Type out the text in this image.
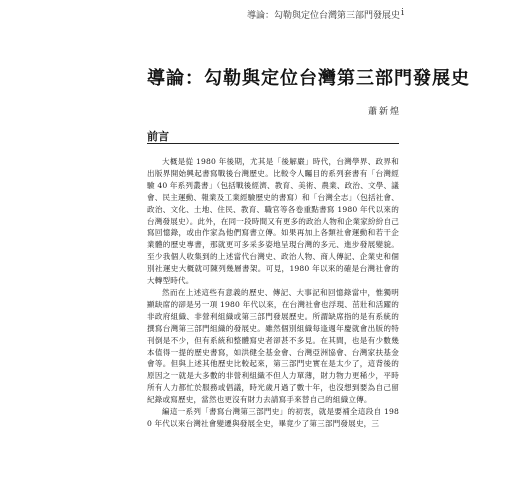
導論：勾勒與定位台灣第三部門發展史 i
導論：勾勒與定位台灣第三部門發展史
蕭新煌
前言

大概是從 1980 年後期，尤其是「後解嚴」時代，台灣學界、政界和出版界開始興起書寫戰後台灣歷史。比較令人矚目的系列套書有「台灣經驗 40 年系列叢書」（包括戰後經濟、教育、美術、農業、政治、文學、議會、民主運動、報業及工業經驗歷史的書寫）和「台灣全志」（包括社會、政治、文化、土地、住民、教育、職官等各卷重點書寫 1980 年代以來的台灣發展史）。此外，在同一段時間又有更多的政治人物和企業家紛紛自己寫回憶錄，或由作家為他們寫書立傳。如果再加上各類社會運動和若干企業體的歷史專書，那就更可多采多姿地呈現台灣的多元、進步發展變貌。至少我個人收集到的上述當代台灣史、政治人物、商人傳記、企業史和個別社運史大概就可陳列幾層書架。可見，1980 年以來的確是台灣社會的大轉型時代。

然而在上述這些有意義的歷史、傳記、大事記和回憶錄當中，惟獨明顯缺席的卻是另一項 1980 年代以來，在台灣社會也浮現、茁壯和活躍的非政府組織、非營利組織或第三部門發展歷史。所謂缺席指的是有系統的撰寫台灣第三部門組織的發展史。雖然個別組織每逢週年慶就會出版的特刊倒是不少，但有系統和整體寫史者卻甚不多見。在其間，也是有少數幾本值得一提的歷史書寫，如洪健全基金會、台灣亞洲協會、台灣家扶基金會等。但與上述其他歷史比較起來，第三部門史實在是太少了，這背後的原因之一就是大多數的非營利組織不但人力單薄，財力物力更稀少，平時所有人力都忙於服務或倡議，時光歲月過了數十年，也沒想到要為自己留紀錄或寫歷史，當然也更沒有財力去請寫手來替自己的組織立傳。

編這一系列「書寫台灣第三部門史」的初衷，就是要補全這段自 1980 年代以來台灣社會變遷與發展全史，畢竟少了第三部門發展史，三
